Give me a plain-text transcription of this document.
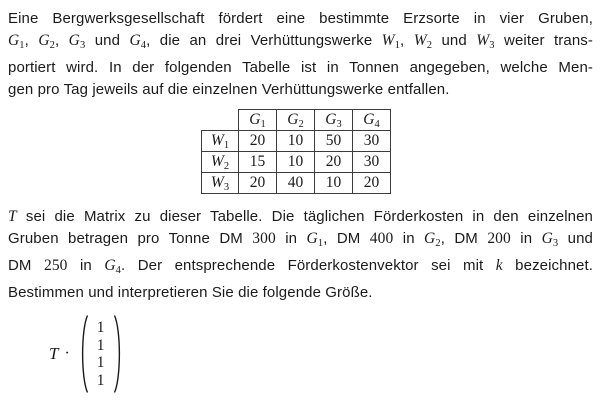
Eine Bergwerksgesellschaft fördert eine bestimmte Erzsorte in vier Gruben,
$G_1$, $G_2$, $G_3$ und $G_4$, die an drei Verhüttungswerke $W_1$, $W_2$ und $W_3$ weiter trans-
portiert wird. In der folgenden Tabelle ist in Tonnen angegeben, welche Men-
gen pro Tag jeweils auf die einzelnen Verhüttungswerke entfallen.
	G1	G2	G3	G4
W1	20	10	50	30
W2	15	10	20	30
W3	20	40	10	20
T sei die Matrix zu dieser Tabelle. Die täglichen Förderkosten in den einzelnen
Gruben betragen pro Tonne DM 300 in $G_1$, DM 400 in $G_2$, DM 200 in $G_3$ und
DM 250 in $G_4$. Der entsprechende Förderkostenvektor sei mit k bezeichnet.
Bestimmen und interpretieren Sie die folgende Größe.
T ·
1
1
1
1
